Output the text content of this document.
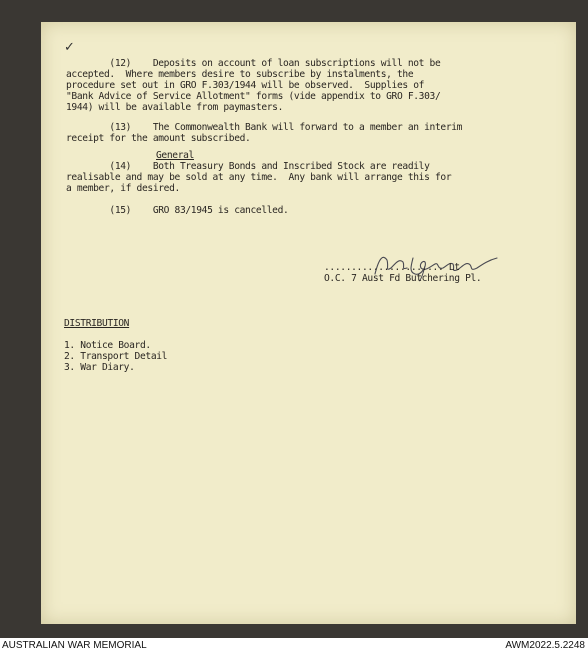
✓
(12)    Deposits on account of loan subscriptions will not be
accepted.  Where members desire to subscribe by instalments, the
procedure set out in GRO F.303/1944 will be observed.  Supplies of
"Bank Advice of Service Allotment" forms (vide appendix to GRO F.303/
1944) will be available from paymasters.
(13)    The Commonwealth Bank will forward to a member an interim
receipt for the amount subscribed.
General
(14)    Both Treasury Bonds and Inscribed Stock are readily
realisable and may be sold at any time.  Any bank will arrange this for
a member, if desired.
(15)    GRO 83/1945 is cancelled.
...................... Lt
O.C. 7 Aust Fd Butchering Pl.
DISTRIBUTION
1. Notice Board.
2. Transport Detail
3. War Diary.
AUSTRALIAN WAR MEMORIAL	AWM2022.5.2248
